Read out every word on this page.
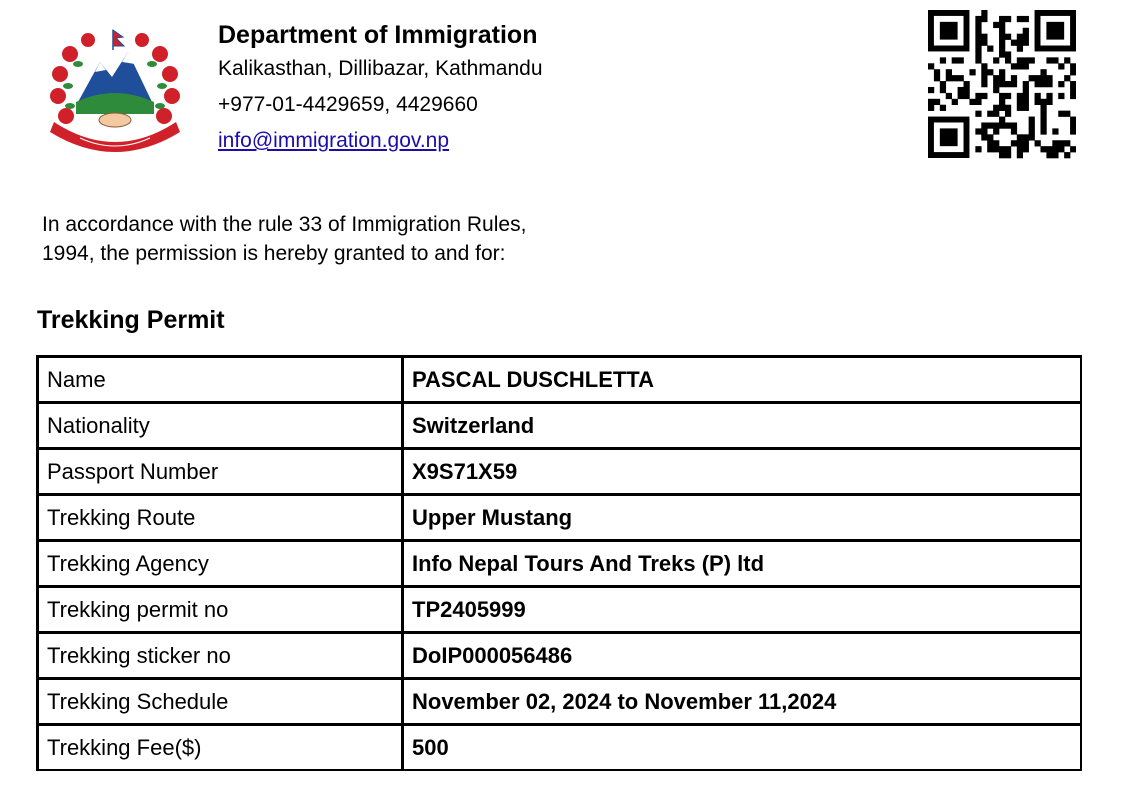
Department of Immigration
Kalikasthan, Dillibazar, Kathmandu
+977-01-4429659, 4429660
info@immigration.gov.np
In accordance with the rule 33 of Immigration Rules,
1994, the permission is hereby granted to and for:
Trekking Permit
Name	PASCAL DUSCHLETTA
Nationality	Switzerland
Passport Number	X9S71X59
Trekking Route	Upper Mustang
Trekking Agency	Info Nepal Tours And Treks (P) ltd
Trekking permit no	TP2405999
Trekking sticker no	DoIP000056486
Trekking Schedule	November 02, 2024 to November 11,2024
Trekking Fee($)	500
